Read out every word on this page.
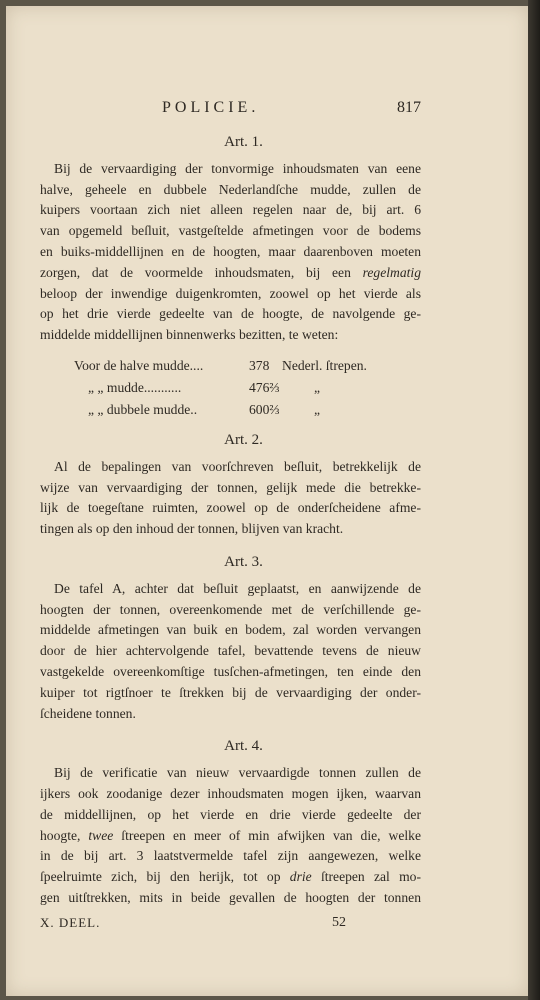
POLICIE.	817
Art. 1.
Bij de vervaardiging der tonvormige inhoudsmaten van eene
halve, geheele en dubbele Nederlandſche mudde, zullen de
kuipers voortaan zich niet alleen regelen naar de, bij art. 6
van opgemeld beſluit, vastgeſtelde afmetingen voor de bodems
en buiks-middellijnen en de hoogten, maar daarenboven moeten
zorgen, dat de voormelde inhoudsmaten, bij een regelmatig
beloop der inwendige duigenkromten, zoowel op het vierde als
op het drie vierde gedeelte van de hoogte, de navolgende ge-
middelde middellijnen binnenwerks bezitten, te weten:
Voor de halve mudde....	378 Nederl. ſtrepen.
„ „ mudde...........	476⅔	„
„ „ dubbele mudde..	600⅔	„
Art. 2.
Al de bepalingen van voorſchreven beſluit, betrekkelijk de
wijze van vervaardiging der tonnen, gelijk mede die betrekke-
lijk de toegeſtane ruimten, zoowel op de onderſcheidene afme-
tingen als op den inhoud der tonnen, blijven van kracht.
Art. 3.
De tafel A, achter dat beſluit geplaatst, en aanwijzende de
hoogten der tonnen, overeenkomende met de verſchillende ge-
middelde afmetingen van buik en bodem, zal worden vervangen
door de hier achtervolgende tafel, bevattende tevens de nieuw
vastgekelde overeenkomſtige tusſchen-afmetingen, ten einde den
kuiper tot rigtſnoer te ſtrekken bij de vervaardiging der onder-
ſcheidene tonnen.
Art. 4.
Bij de verificatie van nieuw vervaardigde tonnen zullen de
ijkers ook zoodanige dezer inhoudsmaten mogen ijken, waarvan
de middellijnen, op het vierde en drie vierde gedeelte der
hoogte, twee ſtreepen en meer of min afwijken van die, welke
in de bij art. 3 laatstvermelde tafel zijn aangewezen, welke
ſpeelruimte zich, bij den herijk, tot op drie ſtreepen zal mo-
gen uitſtrekken, mits in beide gevallen de hoogten der tonnen
X. DEEL.	52
